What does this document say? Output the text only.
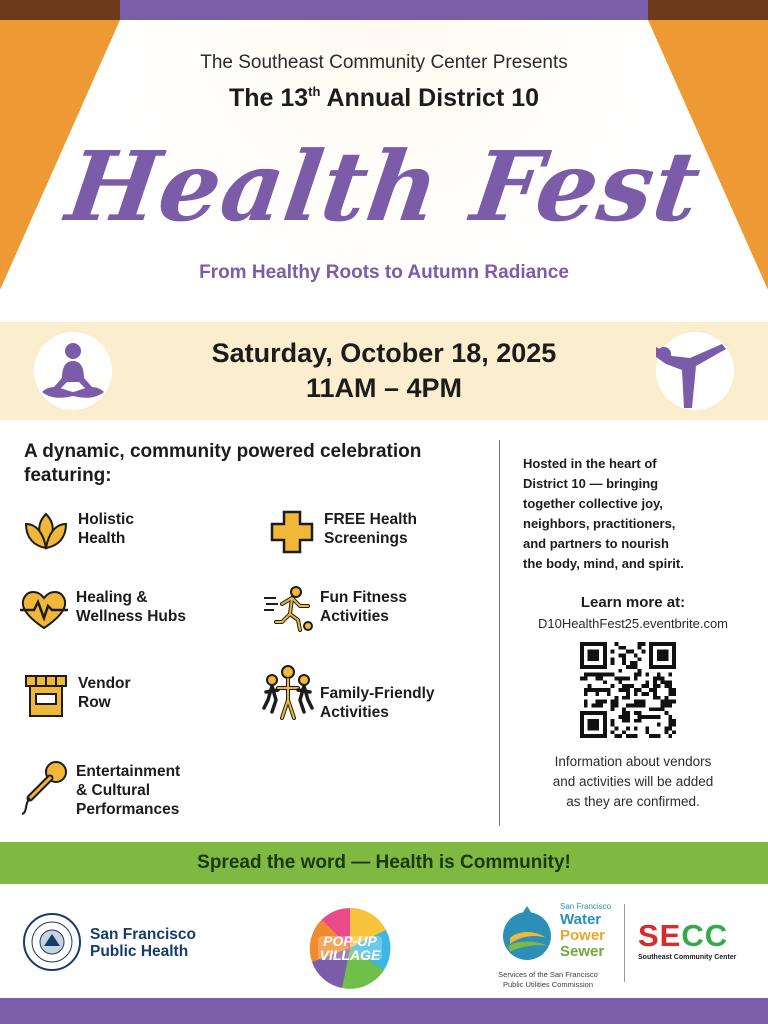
The Southeast Community Center Presents
The 13th Annual District 10
Health Fest
From Healthy Roots to Autumn Radiance
Saturday, October 18, 2025
11AM – 4PM
A dynamic, community powered celebration featuring:
Holistic
Health
FREE Health
Screenings
Healing &
Wellness Hubs
Fun Fitness
Activities
Vendor
Row
Family-Friendly
Activities
Entertainment
& Cultural
Performances
Hosted in the heart of
District 10 — bringing
together collective joy,
neighbors, practitioners,
and partners to nourish
the body, mind, and spirit.
Learn more at:
D10HealthFest25.eventbrite.com
Information about vendors
and activities will be added
as they are confirmed.
Spread the word — Health is Community!
San Francisco
Public Health
POP-UP VILLAGE
San Francisco
Water
Power
Sewer
Services of the San Francisco
Public Utilities Commission
SECC
Southeast Community Center
